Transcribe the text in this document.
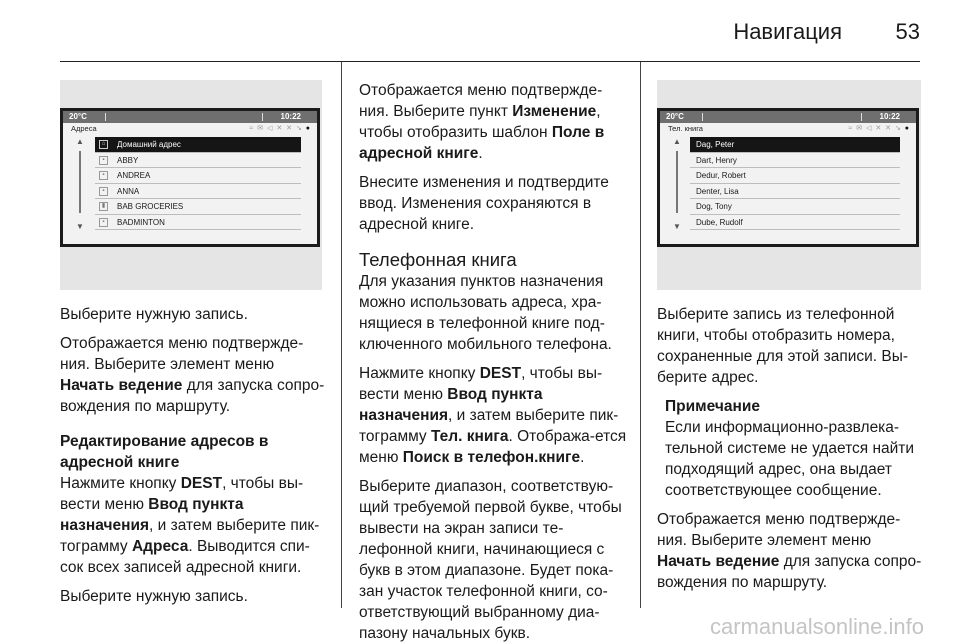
Навигация 53
20°C	10:22
Адреса	≈ ✉ ◁ ✕ ✕ ↘ ●
▲
▼
⌂	Домашний адрес
▪	ABBY
▪	ANDREA
▪	ANNA
▮	BAB GROCERIES
▪	BADMINTON

Выберите нужную запись.

Отображается меню подтвержде-ния. Выберите элемент меню Начать ведение для запуска сопро-вождения по маршруту.

Редактирование адресов в адресной книге

Нажмите кнопку DEST, чтобы вы-вести меню Ввод пункта назначения, и затем выберите пик-тограмму Адреса. Выводится спи-сок всех записей адресной книги.

Выберите нужную запись.

Отображается меню подтвержде-ния. Выберите пункт Изменение, чтобы отобразить шаблон Поле в адресной книге.

Внесите изменения и подтвердите ввод. Изменения сохраняются в адресной книге.

Телефонная книга

Для указания пунктов назначения можно использовать адреса, хра-нящиеся в телефонной книге под-ключенного мобильного телефона.

Нажмите кнопку DEST, чтобы вы-вести меню Ввод пункта назначения, и затем выберите пик-тограмму Тел. книга. Отобража-ется меню Поиск в телефон.книге.

Выберите диапазон, соответствую-щий требуемой первой букве, чтобы вывести на экран записи те-лефонной книги, начинающиеся с букв в этом диапазоне. Будет пока-зан участок телефонной книги, со-ответствующий выбранному диа-пазону начальных букв.

20°C	10:22
Тел. книга	≈ ✉ ◁ ✕ ✕ ↘ ●
▲
▼
Dag, Peter
Dart, Henry
Dedur, Robert
Denter, Lisa
Dog, Tony
Dube, Rudolf

Выберите запись из телефонной книги, чтобы отобразить номера, сохраненные для этой записи. Вы-берите адрес.

Примечание

Если информационно-развлека-тельной системе не удается найти подходящий адрес, она выдает соответствующее сообщение.

Отображается меню подтвержде-ния. Выберите элемент меню Начать ведение для запуска сопро-вождения по маршруту.

carmanualsonline.info
